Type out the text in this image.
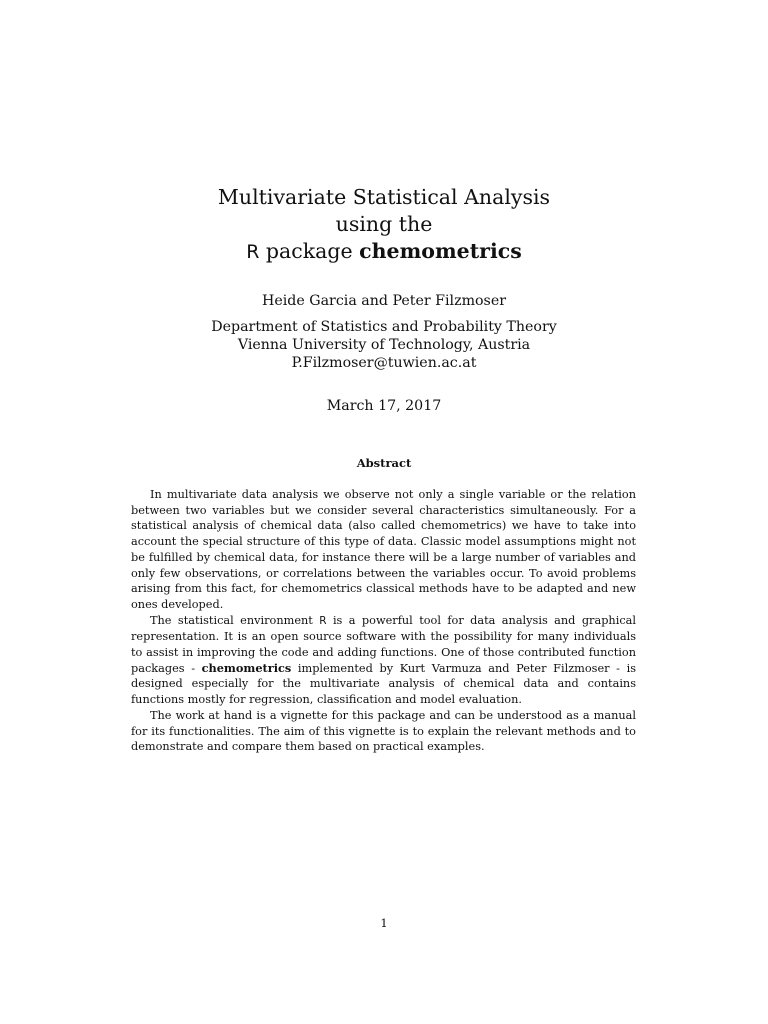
Multivariate Statistical Analysis
using the
R package chemometrics
Heide Garcia and Peter Filzmoser
Department of Statistics and Probability Theory
Vienna University of Technology, Austria
P.Filzmoser@tuwien.ac.at
March 17, 2017
Abstract

In multivariate data analysis we observe not only a single variable or the relation between two variables but we consider several characteristics simultaneously. For a statistical analysis of chemical data (also called chemometrics) we have to take into account the special structure of this type of data. Classic model assumptions might not be fulfilled by chemical data, for instance there will be a large number of variables and only few observations, or correlations between the variables occur. To avoid problems arising from this fact, for chemometrics classical methods have to be adapted and new ones developed.

The statistical environment R is a powerful tool for data analysis and graphical representation. It is an open source software with the possibility for many individuals to assist in improving the code and adding functions. One of those contributed function packages - chemometrics implemented by Kurt Varmuza and Peter Filzmoser - is designed especially for the multivariate analysis of chemical data and contains functions mostly for regression, classification and model evaluation.

The work at hand is a vignette for this package and can be understood as a manual for its functionalities. The aim of this vignette is to explain the relevant methods and to demonstrate and compare them based on practical examples.

1
